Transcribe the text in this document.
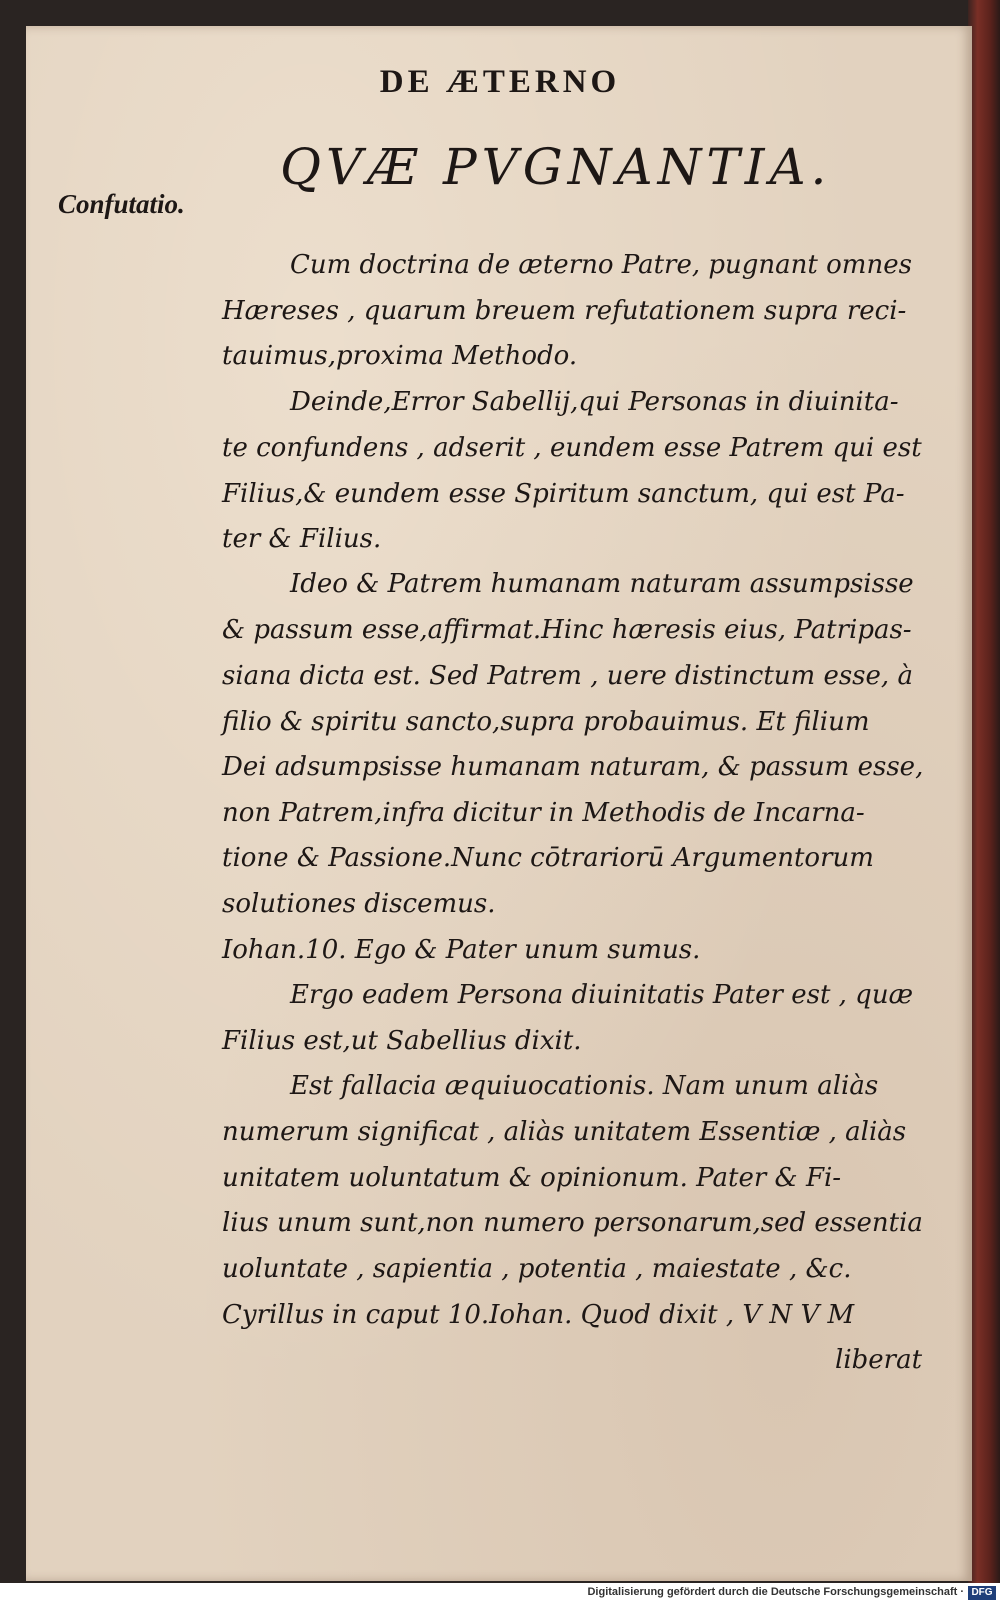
DE ÆTERNO
QVÆ PVGNANTIA.
Confutatio.
Cum doctrina de æterno Patre, pugnant omnes
Hæreses , quarum breuem refutationem supra reci-
tauimus,proxima Methodo.
Deinde,Error Sabellij,qui Personas in diuinita-
te confundens , adserit , eundem esse Patrem qui est
Filius,& eundem esse Spiritum sanctum, qui est Pa-
ter & Filius.
Ideo & Patrem humanam naturam assumpsisse
& passum esse,affirmat.Hinc hæresis eius, Patripas-
siana dicta est. Sed Patrem , uere distinctum esse, à
filio & spiritu sancto,supra probauimus. Et filium
Dei adsumpsisse humanam naturam, & passum esse,
non Patrem,infra dicitur in Methodis de Incarna-
tione & Passione.Nunc cōtrariorū Argumentorum
solutiones discemus.
Iohan.10. Ego & Pater unum sumus.
Ergo eadem Persona diuinitatis Pater est , quæ
Filius est,ut Sabellius dixit.
Est fallacia æquiuocationis. Nam unum aliàs
numerum significat , aliàs unitatem Essentiæ , aliàs
unitatem uoluntatum & opinionum. Pater & Fi-
lius unum sunt,non numero personarum,sed essentia
uoluntate , sapientia , potentia , maiestate , &c.
Cyrillus in caput 10.Iohan. Quod dixit , V N V M
liberat
Digitalisierung gefördert durch die Deutsche Forschungsgemeinschaft · DFG
